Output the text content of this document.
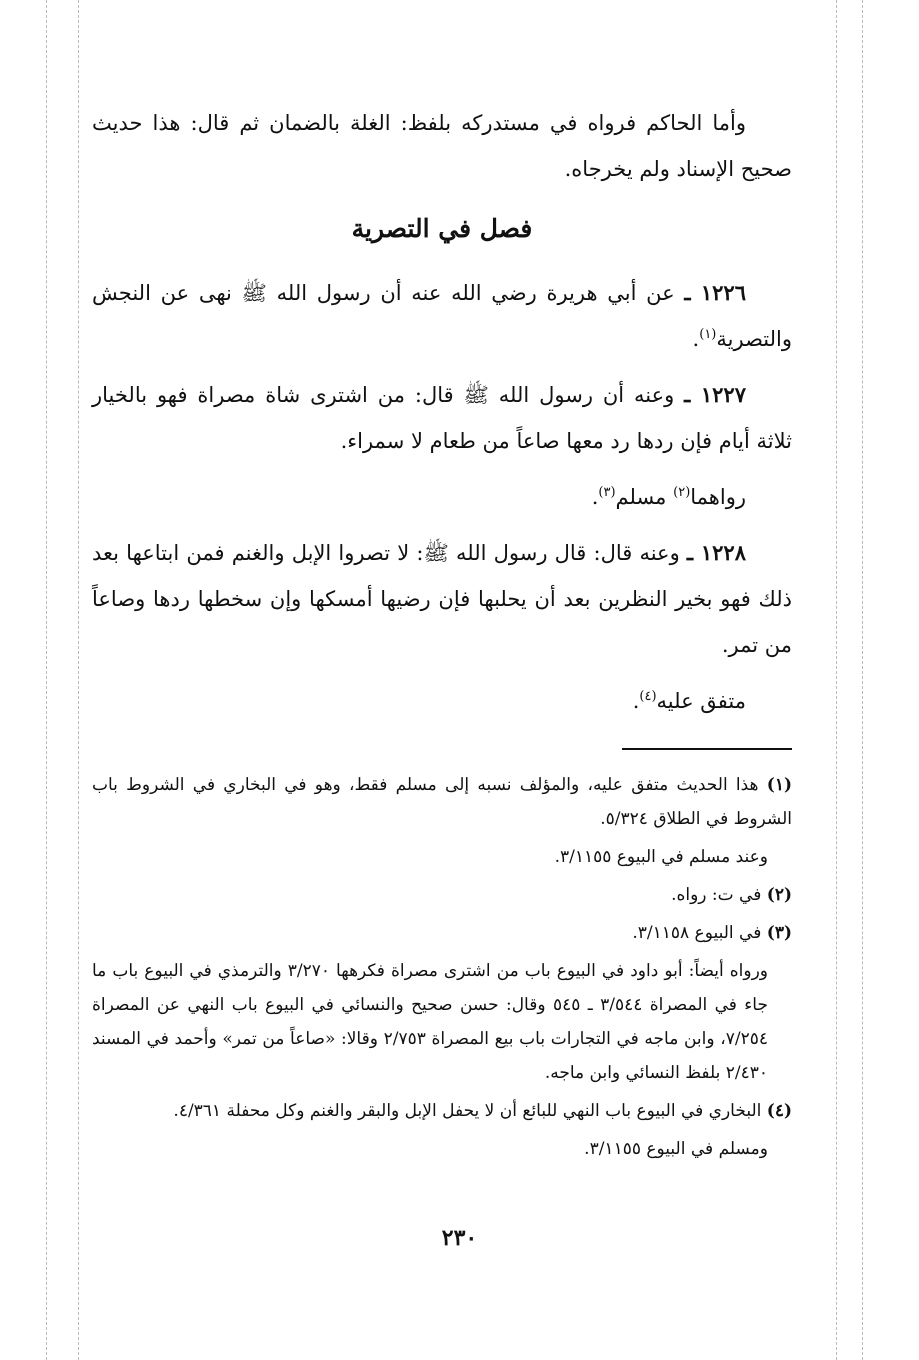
وأما الحاكم فرواه في مستدركه بلفظ: الغلة بالضمان ثم قال: هذا حديث صحيح الإسناد ولم يخرجاه.

فصل في التصرية

١٢٢٦ ـ عن أبي هريرة رضي الله عنه أن رسول الله ﷺ نهى عن النجش والتصرية$^{(١)}$.

١٢٢٧ ـ وعنه أن رسول الله ﷺ قال: من اشترى شاة مصراة فهو بالخيار ثلاثة أيام فإن ردها رد معها صاعاً من طعام لا سمراء.

رواهما$^{(٢)}$ مسلم$^{(٣)}$.

١٢٢٨ ـ وعنه قال: قال رسول الله ﷺ: لا تصروا الإبل والغنم فمن ابتاعها بعد ذلك فهو بخير النظرين بعد أن يحلبها فإن رضيها أمسكها وإن سخطها ردها وصاعاً من تمر.

متفق عليه$^{(٤)}$.

(١) هذا الحديث متفق عليه، والمؤلف نسبه إلى مسلم فقط، وهو في البخاري في الشروط باب الشروط في الطلاق ٥/٣٢٤.

وعند مسلم في البيوع ٣/١١٥٥.

(٢) في ت: رواه.

(٣) في البيوع ٣/١١٥٨.

ورواه أيضاً: أبو داود في البيوع باب من اشترى مصراة فكرهها ٣/٢٧٠ والترمذي في البيوع باب ما جاء في المصراة ٣/٥٤٤ ـ ٥٤٥ وقال: حسن صحيح والنسائي في البيوع باب النهي عن المصراة ٧/٢٥٤، وابن ماجه في التجارات باب بيع المصراة ٢/٧٥٣ وقالا: «صاعاً من تمر» وأحمد في المسند ٢/٤٣٠ بلفظ النسائي وابن ماجه.

(٤) البخاري في البيوع باب النهي للبائع أن لا يحفل الإبل والبقر والغنم وكل محفلة ٤/٣٦١.

ومسلم في البيوع ٣/١١٥٥.

٢٣٠
